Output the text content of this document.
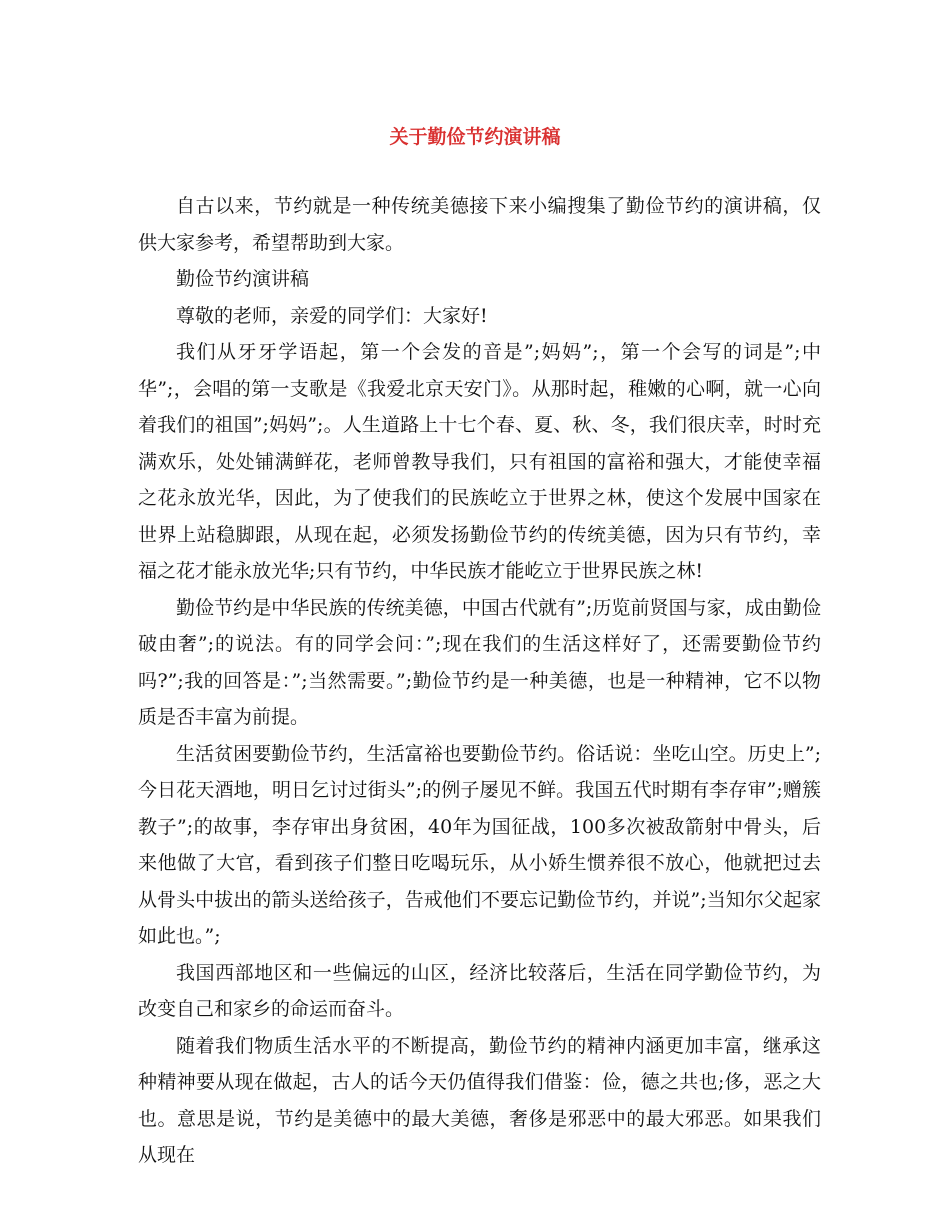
关于勤俭节约演讲稿

自古以来，节约就是一种传统美德接下来小编搜集了勤俭节约的演讲稿，仅供大家参考，希望帮助到大家。

勤俭节约演讲稿

尊敬的老师，亲爱的同学们：大家好!

我们从牙牙学语起，第一个会发的音是”;妈妈”;，第一个会写的词是”;中华”;，会唱的第一支歌是《我爱北京天安门》。从那时起，稚嫩的心啊，就一心向着我们的祖国”;妈妈”;。人生道路上十七个春、夏、秋、冬，我们很庆幸，时时充满欢乐，处处铺满鲜花，老师曾教导我们，只有祖国的富裕和强大，才能使幸福之花永放光华，因此，为了使我们的民族屹立于世界之林，使这个发展中国家在世界上站稳脚跟，从现在起，必须发扬勤俭节约的传统美德，因为只有节约，幸福之花才能永放光华;只有节约，中华民族才能屹立于世界民族之林!

勤俭节约是中华民族的传统美德，中国古代就有”;历览前贤国与家，成由勤俭破由奢”;的说法。有的同学会问：”;现在我们的生活这样好了，还需要勤俭节约吗?”;我的回答是：”;当然需要。”;勤俭节约是一种美德，也是一种精神，它不以物质是否丰富为前提。

生活贫困要勤俭节约，生活富裕也要勤俭节约。俗话说：坐吃山空。历史上”;今日花天酒地，明日乞讨过街头”;的例子屡见不鲜。我国五代时期有李存审”;赠簇教子”;的故事，李存审出身贫困，40年为国征战，100多次被敌箭射中骨头，后来他做了大官，看到孩子们整日吃喝玩乐，从小娇生惯养很不放心，他就把过去从骨头中拔出的箭头送给孩子，告戒他们不要忘记勤俭节约，并说”;当知尔父起家如此也。”;

我国西部地区和一些偏远的山区，经济比较落后，生活在同学勤俭节约，为改变自己和家乡的命运而奋斗。

随着我们物质生活水平的不断提高，勤俭节约的精神内涵更加丰富，继承这种精神要从现在做起，古人的话今天仍值得我们借鉴：俭，德之共也;侈，恶之大也。意思是说，节约是美德中的最大美德，奢侈是邪恶中的最大邪恶。如果我们从现在
